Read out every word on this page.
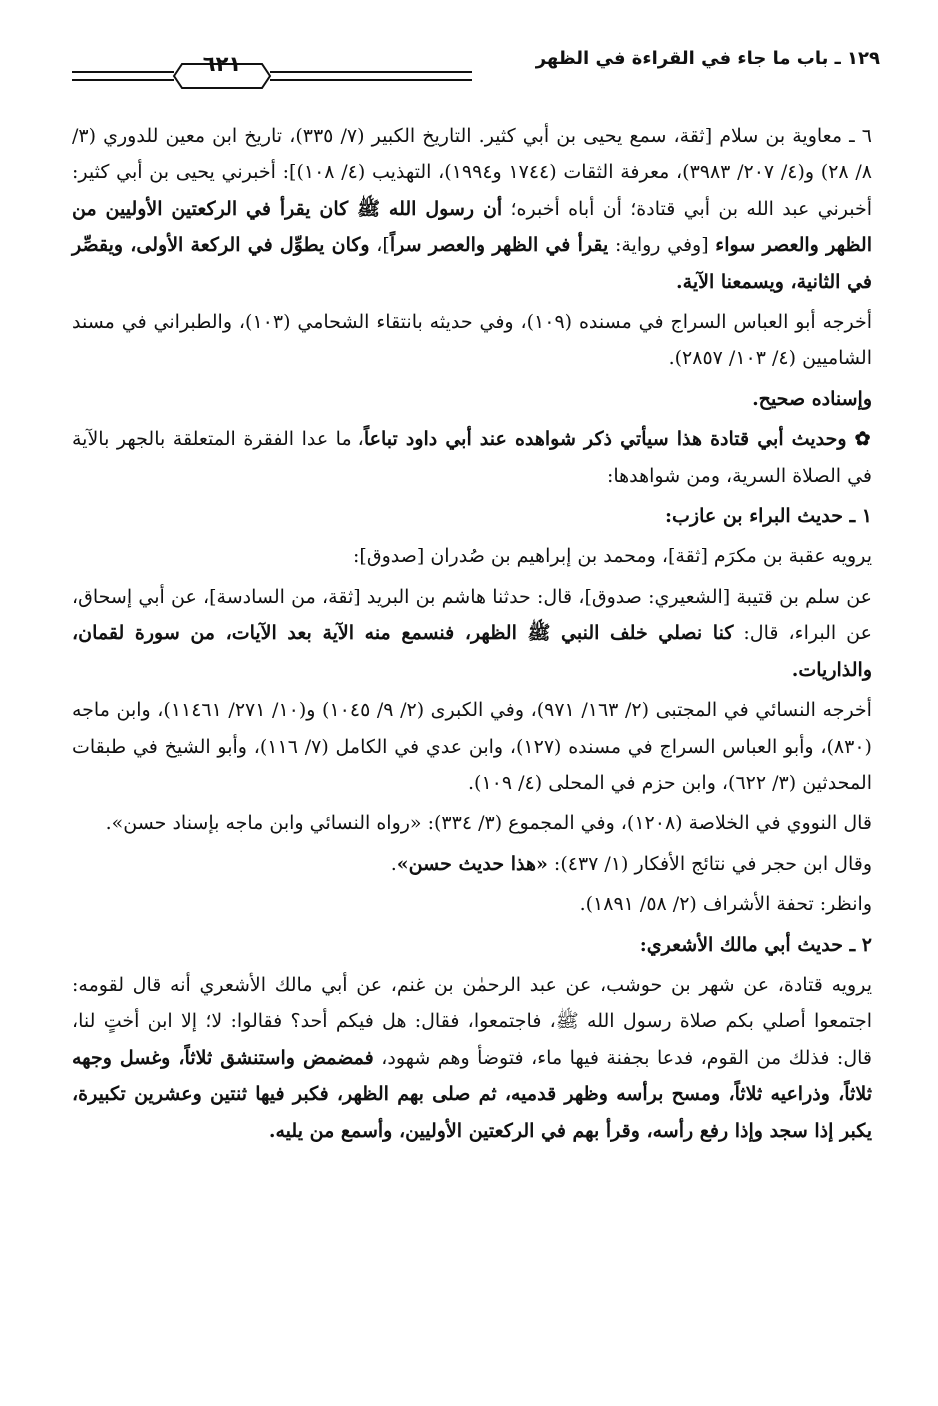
١٢٩ ـ باب ما جاء في القراءة في الظهر
٦٢١

٦ ـ معاوية بن سلام [ثقة، سمع يحيى بن أبي كثير. التاريخ الكبير (٧/ ٣٣٥)، تاريخ ابن معين للدوري (٣/ ٨/ ٢٨) و(٤/ ٢٠٧/ ٣٩٨٣)، معرفة الثقات (١٧٤٤ و١٩٩٤)، التهذيب (٤/ ١٠٨)]: أخبرني يحيى بن أبي كثير: أخبرني عبد الله بن أبي قتادة؛ أن أباه أخبره؛ أن رسول الله ﷺ كان يقرأ في الركعتين الأوليين من الظهر والعصر سواء [وفي رواية: يقرأ في الظهر والعصر سراً]، وكان يطوِّل في الركعة الأولى، ويقصِّر في الثانية، ويسمعنا الآية.

أخرجه أبو العباس السراج في مسنده (١٠٩)، وفي حديثه بانتقاء الشحامي (١٠٣)، والطبراني في مسند الشاميين (٤/ ١٠٣/ ٢٨٥٧).

وإسناده صحيح.

✿ وحديث أبي قتادة هذا سيأتي ذكر شواهده عند أبي داود تباعاً، ما عدا الفقرة المتعلقة بالجهر بالآية في الصلاة السرية، ومن شواهدها:

١ ـ حديث البراء بن عازب:

يرويه عقبة بن مكرَم [ثقة]، ومحمد بن إبراهيم بن صُدران [صدوق]:

عن سلم بن قتيبة [الشعيري: صدوق]، قال: حدثنا هاشم بن البريد [ثقة، من السادسة]، عن أبي إسحاق، عن البراء، قال: كنا نصلي خلف النبي ﷺ الظهر، فنسمع منه الآية بعد الآيات، من سورة لقمان، والذاريات.

أخرجه النسائي في المجتبى (٢/ ١٦٣/ ٩٧١)، وفي الكبرى (٢/ ٩/ ١٠٤٥) و(١٠/ ٢٧١/ ١١٤٦١)، وابن ماجه (٨٣٠)، وأبو العباس السراج في مسنده (١٢٧)، وابن عدي في الكامل (٧/ ١١٦)، وأبو الشيخ في طبقات المحدثين (٣/ ٦٢٢)، وابن حزم في المحلى (٤/ ١٠٩).

قال النووي في الخلاصة (١٢٠٨)، وفي المجموع (٣/ ٣٣٤): «رواه النسائي وابن ماجه بإسناد حسن».

وقال ابن حجر في نتائج الأفكار (١/ ٤٣٧): «هذا حديث حسن».

وانظر: تحفة الأشراف (٢/ ٥٨/ ١٨٩١).

٢ ـ حديث أبي مالك الأشعري:

يرويه قتادة، عن شهر بن حوشب، عن عبد الرحمٰن بن غنم، عن أبي مالك الأشعري أنه قال لقومه: اجتمعوا أصلي بكم صلاة رسول الله ﷺ، فاجتمعوا، فقال: هل فيكم أحد؟ فقالوا: لا؛ إلا ابن أختٍ لنا، قال: فذلك من القوم، فدعا بجفنة فيها ماء، فتوضأ وهم شهود، فمضمض واستنشق ثلاثاً، وغسل وجهه ثلاثاً، وذراعيه ثلاثاً، ومسح برأسه وظهر قدميه، ثم صلى بهم الظهر، فكبر فيها ثنتين وعشرين تكبيرة، يكبر إذا سجد وإذا رفع رأسه، وقرأ بهم في الركعتين الأوليين، وأسمع من يليه.
